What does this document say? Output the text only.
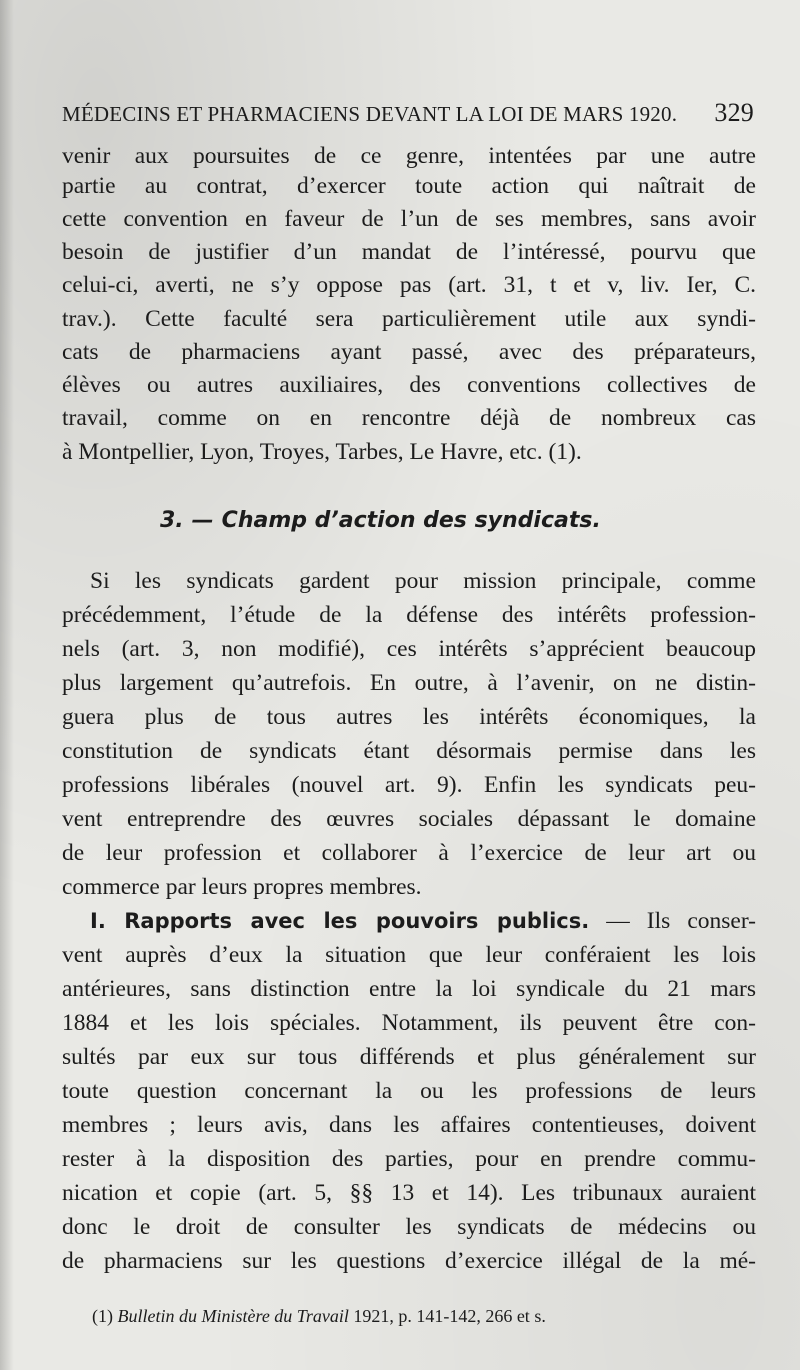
MÉDECINS ET PHARMACIENS DEVANT LA LOI DE MARS 1920. 329
venir aux poursuites de ce genre, intentées par une autre
partie au contrat, d’exercer toute action qui naîtrait de
cette convention en faveur de l’un de ses membres, sans avoir
besoin de justifier d’un mandat de l’intéressé, pourvu que
celui-ci, averti, ne s’y oppose pas (art. 31, t et v, liv. Ier, C.
trav.). Cette faculté sera particulièrement utile aux syndi-
cats de pharmaciens ayant passé, avec des préparateurs,
élèves ou autres auxiliaires, des conventions collectives de
travail, comme on en rencontre déjà de nombreux cas
à Montpellier, Lyon, Troyes, Tarbes, Le Havre, etc. (1).
3. — Champ d’action des syndicats.
Si les syndicats gardent pour mission principale, comme
précédemment, l’étude de la défense des intérêts profession-
nels (art. 3, non modifié), ces intérêts s’apprécient beaucoup
plus largement qu’autrefois. En outre, à l’avenir, on ne distin-
guera plus de tous autres les intérêts économiques, la
constitution de syndicats étant désormais permise dans les
professions libérales (nouvel art. 9). Enfin les syndicats peu-
vent entreprendre des œuvres sociales dépassant le domaine
de leur profession et collaborer à l’exercice de leur art ou
commerce par leurs propres membres.
I. Rapports avec les pouvoirs publics. — Ils conser-
vent auprès d’eux la situation que leur conféraient les lois
antérieures, sans distinction entre la loi syndicale du 21 mars
1884 et les lois spéciales. Notamment, ils peuvent être con-
sultés par eux sur tous différends et plus généralement sur
toute question concernant la ou les professions de leurs
membres ; leurs avis, dans les affaires contentieuses, doivent
rester à la disposition des parties, pour en prendre commu-
nication et copie (art. 5, §§ 13 et 14). Les tribunaux auraient
donc le droit de consulter les syndicats de médecins ou
de pharmaciens sur les questions d’exercice illégal de la mé-
(1) Bulletin du Ministère du Travail 1921, p. 141-142, 266 et s.
